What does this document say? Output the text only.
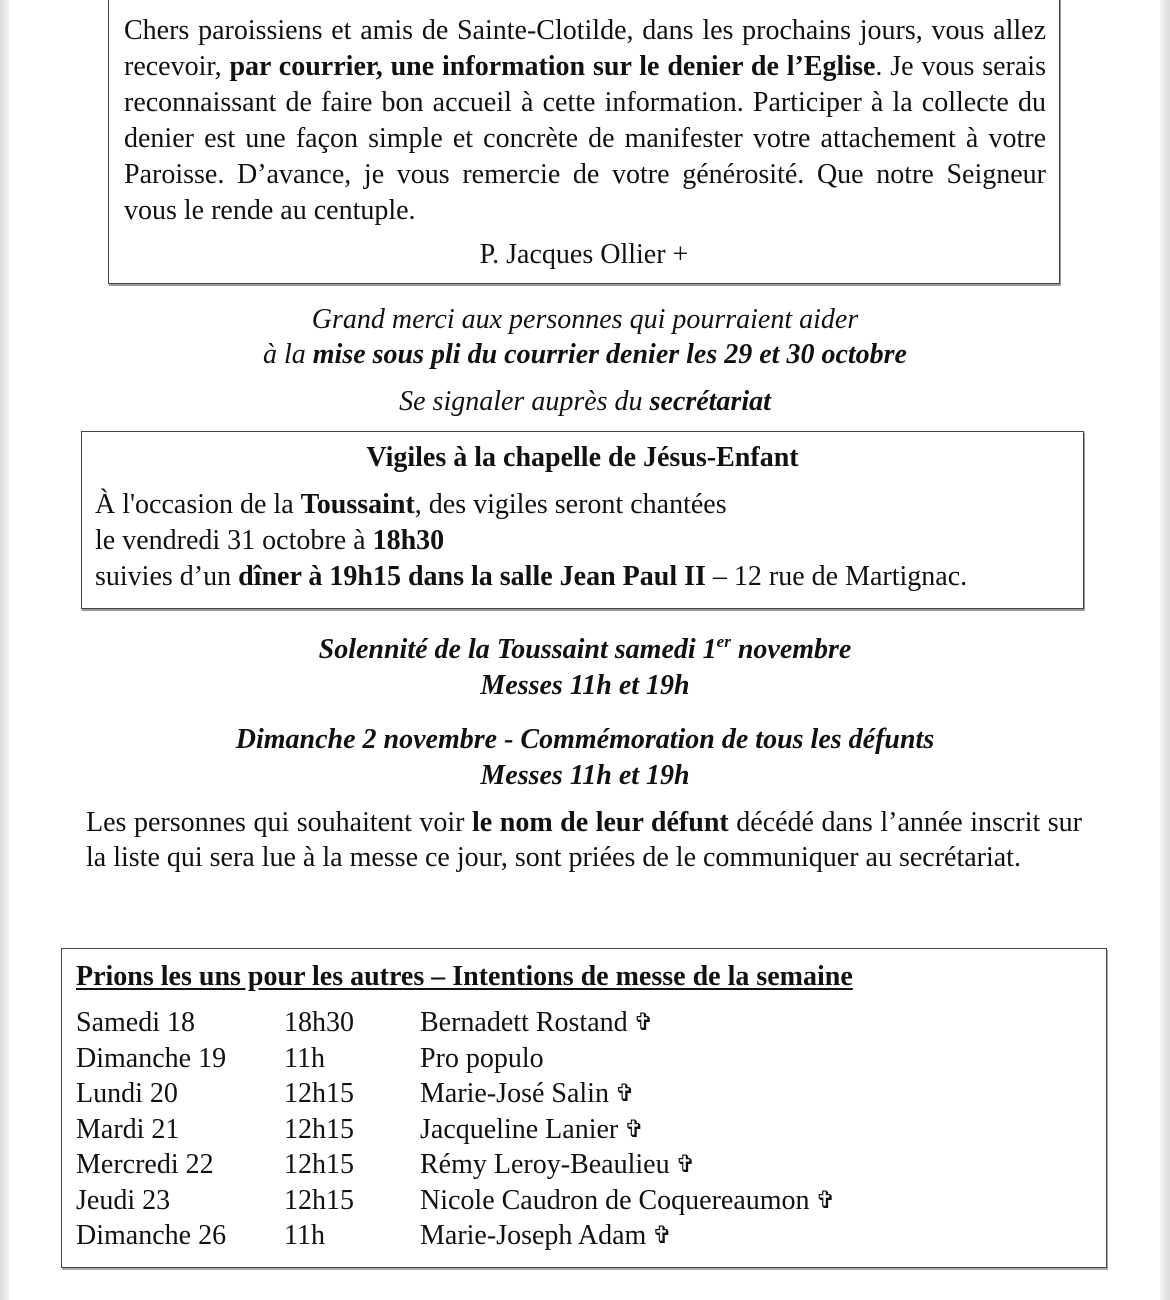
Chers paroissiens et amis de Sainte-Clotilde, dans les prochains jours, vous allez recevoir, par courrier, une information sur le denier de l’Eglise. Je vous serais reconnaissant de faire bon accueil à cette information. Participer à la collecte du denier est une façon simple et concrète de manifester votre attachement à votre Paroisse. D’avance, je vous remercie de votre générosité. Que notre Seigneur vous le rende au centuple.

P. Jacques Ollier +
Grand merci aux personnes qui pourraient aider
à la mise sous pli du courrier denier les 29 et 30 octobre
Se signaler auprès du secrétariat
Vigiles à la chapelle de Jésus-Enfant
À l'occasion de la Toussaint, des vigiles seront chantées
le vendredi 31 octobre à 18h30
suivies d’un dîner à 19h15 dans la salle Jean Paul II – 12 rue de Martignac.
Solennité de la Toussaint samedi 1er novembre
Messes 11h et 19h
Dimanche 2 novembre - Commémoration de tous les défunts
Messes 11h et 19h
Les personnes qui souhaitent voir le nom de leur défunt décédé dans l’année inscrit sur la liste qui sera lue à la messe ce jour, sont priées de le communiquer au secrétariat.
Prions les uns pour les autres – Intentions de messe de la semaine
Samedi 18	18h30	Bernadett Rostand ✞
Dimanche 19	11h	Pro populo
Lundi 20	12h15	Marie-José Salin ✞
Mardi 21	12h15	Jacqueline Lanier ✞
Mercredi 22	12h15	Rémy Leroy-Beaulieu ✞
Jeudi 23	12h15	Nicole Caudron de Coquereaumon ✞
Dimanche 26	11h	Marie-Joseph Adam ✞
